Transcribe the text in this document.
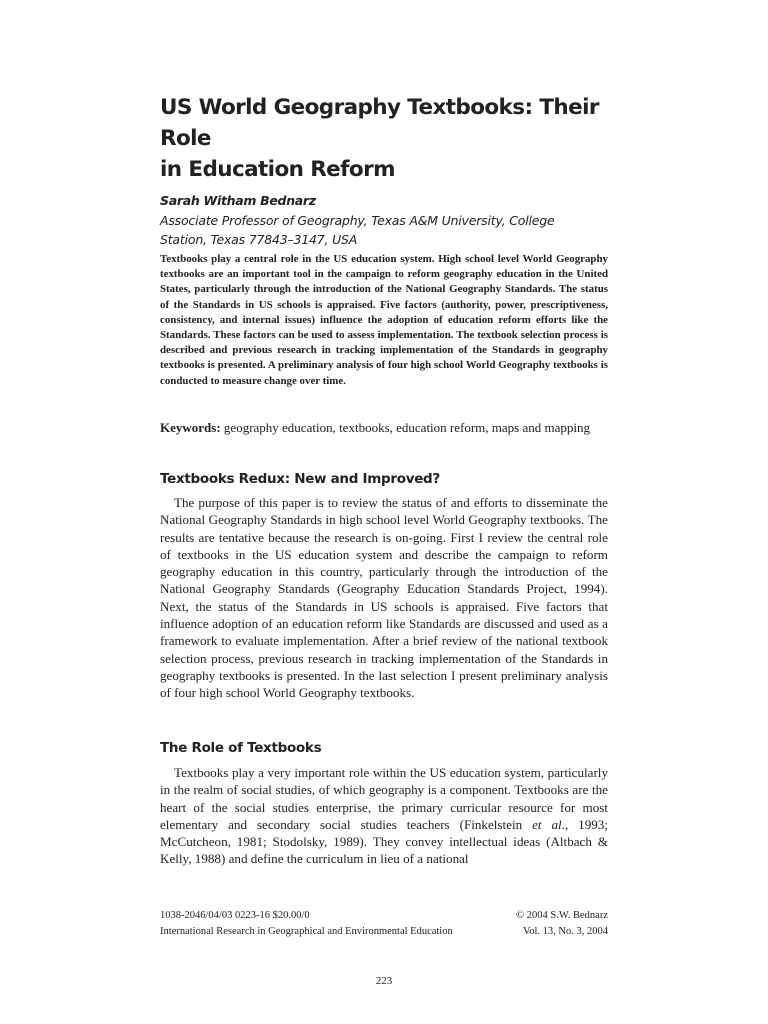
US World Geography Textbooks: Their Role
in Education Reform
Sarah Witham Bednarz
Associate Professor of Geography, Texas A&M University, College
Station, Texas 77843–3147, USA

Textbooks play a central role in the US education system. High school level World Geography textbooks are an important tool in the campaign to reform geography education in the United States, particularly through the introduction of the National Geography Standards. The status of the Standards in US schools is appraised. Five factors (authority, power, prescriptiveness, consistency, and internal issues) influence the adoption of education reform efforts like the Standards. These factors can be used to assess implementation. The textbook selection process is described and previous research in tracking implementation of the Standards in geography textbooks is presented. A preliminary analysis of four high school World Geography textbooks is conducted to measure change over time.

Keywords: geography education, textbooks, education reform, maps and mapping

Textbooks Redux: New and Improved?

The purpose of this paper is to review the status of and efforts to disseminate the National Geography Standards in high school level World Geography textbooks. The results are tentative because the research is on-going. First I review the central role of textbooks in the US education system and describe the campaign to reform geography education in this country, particularly through the introduction of the National Geography Standards (Geography Education Standards Project, 1994). Next, the status of the Standards in US schools is appraised. Five factors that influence adoption of an education reform like Standards are discussed and used as a framework to evaluate implementation. After a brief review of the national textbook selection process, previous research in tracking implementation of the Standards in geography textbooks is presented. In the last selection I present preliminary analysis of four high school World Geography textbooks.

The Role of Textbooks

Textbooks play a very important role within the US education system, particularly in the realm of social studies, of which geography is a component. Textbooks are the heart of the social studies enterprise, the primary curricular resource for most elementary and secondary social studies teachers (Finkelstein et al., 1993; McCutcheon, 1981; Stodolsky, 1989). They convey intellectual ideas (Altbach & Kelly, 1988) and define the curriculum in lieu of a national

1038-2046/04/03 0223-16 $20.00/0
International Research in Geographical and Environmental Education
© 2004 S.W. Bednarz
Vol. 13, No. 3, 2004
223
